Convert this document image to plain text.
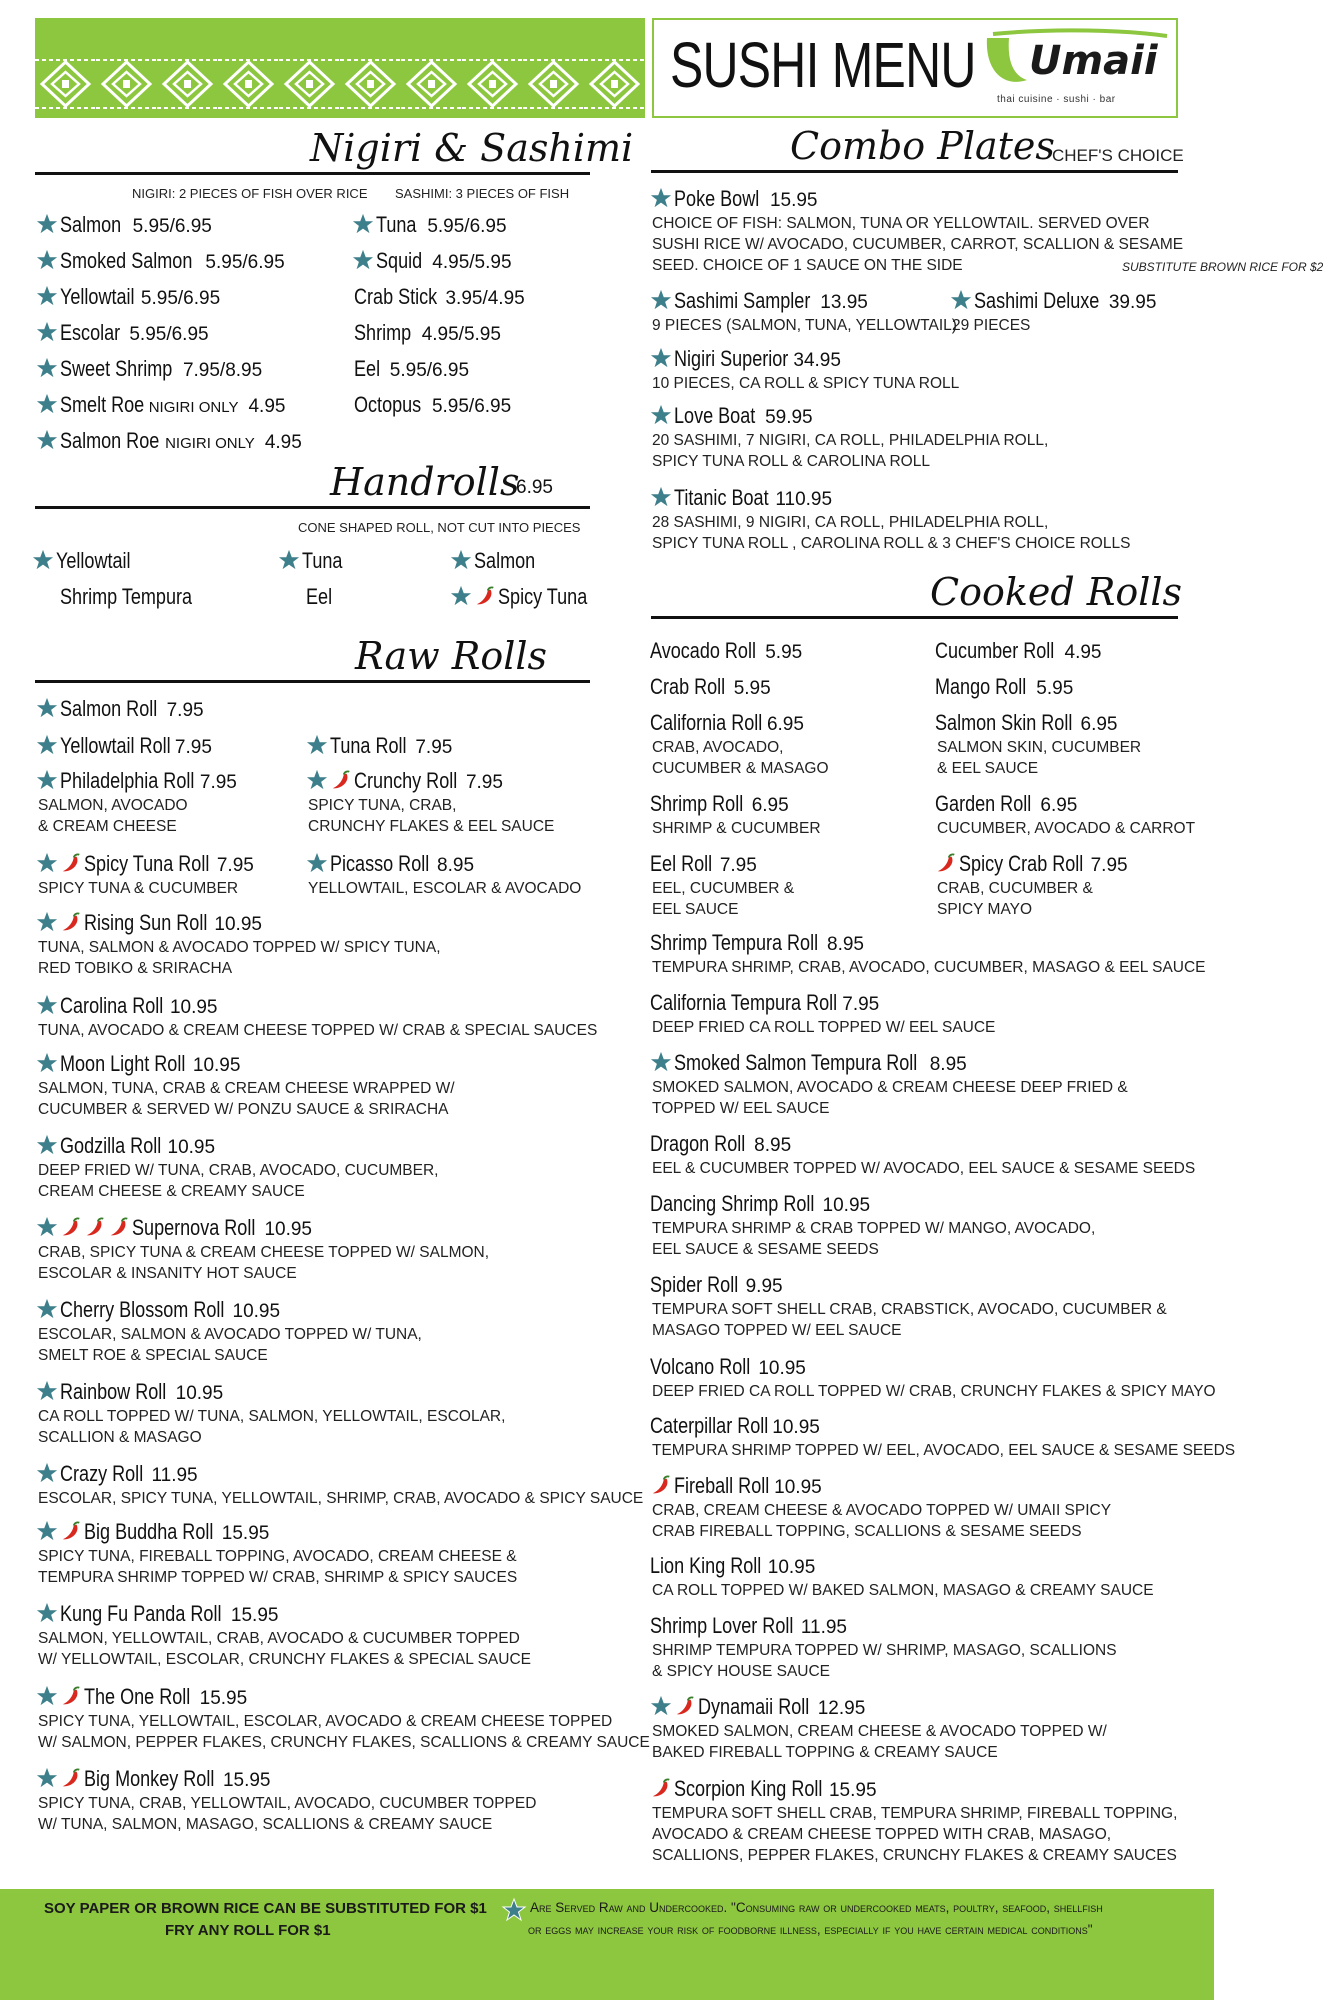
SUSHI MENU Umaii
thai cuisine · sushi · bar
Nigiri & Sashimi
NIGIRI: 2 PIECES OF FISH OVER RICE SASHIMI: 3 PIECES OF FISH
Salmon 5.95/6.95
Smoked Salmon 5.95/6.95
Yellowtail 5.95/6.95
Escolar 5.95/6.95
Sweet Shrimp 7.95/8.95
Smelt Roe NIGIRI ONLY 4.95
Salmon Roe NIGIRI ONLY 4.95
Tuna 5.95/6.95
Squid 4.95/5.95
Crab Stick 3.95/4.95
Shrimp 4.95/5.95
Eel 5.95/6.95
Octopus 5.95/6.95
Handrolls
6.95
CONE SHAPED ROLL, NOT CUT INTO PIECES
Yellowtail	Tuna	Salmon
Shrimp Tempura	Eel	Spicy Tuna
Raw Rolls
Salmon Roll 7.95
Yellowtail Roll 7.95	Tuna Roll 7.95
Philadelphia Roll 7.95
SALMON, AVOCADO
& CREAM CHEESE
Crunchy Roll 7.95
SPICY TUNA, CRAB,
CRUNCHY FLAKES & EEL SAUCE
Spicy Tuna Roll 7.95
SPICY TUNA & CUCUMBER
Picasso Roll 8.95
YELLOWTAIL, ESCOLAR & AVOCADO
Rising Sun Roll 10.95
TUNA, SALMON & AVOCADO TOPPED W/ SPICY TUNA,
RED TOBIKO & SRIRACHA
Carolina Roll 10.95
TUNA, AVOCADO & CREAM CHEESE TOPPED W/ CRAB & SPECIAL SAUCES
Moon Light Roll 10.95
SALMON, TUNA, CRAB & CREAM CHEESE WRAPPED W/
CUCUMBER & SERVED W/ PONZU SAUCE & SRIRACHA
Godzilla Roll 10.95
DEEP FRIED W/ TUNA, CRAB, AVOCADO, CUCUMBER,
CREAM CHEESE & CREAMY SAUCE
Supernova Roll 10.95
CRAB, SPICY TUNA & CREAM CHEESE TOPPED W/ SALMON,
ESCOLAR & INSANITY HOT SAUCE
Cherry Blossom Roll 10.95
ESCOLAR, SALMON & AVOCADO TOPPED W/ TUNA,
SMELT ROE & SPECIAL SAUCE
Rainbow Roll 10.95
CA ROLL TOPPED W/ TUNA, SALMON, YELLOWTAIL, ESCOLAR,
SCALLION & MASAGO
Crazy Roll 11.95
ESCOLAR, SPICY TUNA, YELLOWTAIL, SHRIMP, CRAB, AVOCADO & SPICY SAUCE
Big Buddha Roll 15.95
SPICY TUNA, FIREBALL TOPPING, AVOCADO, CREAM CHEESE &
TEMPURA SHRIMP TOPPED W/ CRAB, SHRIMP & SPICY SAUCES
Kung Fu Panda Roll 15.95
SALMON, YELLOWTAIL, CRAB, AVOCADO & CUCUMBER TOPPED
W/ YELLOWTAIL, ESCOLAR, CRUNCHY FLAKES & SPECIAL SAUCE
The One Roll 15.95
SPICY TUNA, YELLOWTAIL, ESCOLAR, AVOCADO & CREAM CHEESE TOPPED
W/ SALMON, PEPPER FLAKES, CRUNCHY FLAKES, SCALLIONS & CREAMY SAUCE
Big Monkey Roll 15.95
SPICY TUNA, CRAB, YELLOWTAIL, AVOCADO, CUCUMBER TOPPED
W/ TUNA, SALMON, MASAGO, SCALLIONS & CREAMY SAUCE
Combo Plates
CHEF'S CHOICE
Poke Bowl 15.95
CHOICE OF FISH: SALMON, TUNA OR YELLOWTAIL. SERVED OVER
SUSHI RICE W/ AVOCADO, CUCUMBER, CARROT, SCALLION & SESAME
SEED. CHOICE OF 1 SAUCE ON THE SIDE	SUBSTITUTE BROWN RICE FOR $2
Sashimi Sampler 13.95
9 PIECES (SALMON, TUNA, YELLOWTAIL)
Sashimi Deluxe 39.95
29 PIECES
Nigiri Superior 34.95
10 PIECES, CA ROLL & SPICY TUNA ROLL
Love Boat 59.95
20 SASHIMI, 7 NIGIRI, CA ROLL, PHILADELPHIA ROLL,
SPICY TUNA ROLL & CAROLINA ROLL
Titanic Boat 110.95
28 SASHIMI, 9 NIGIRI, CA ROLL, PHILADELPHIA ROLL,
SPICY TUNA ROLL , CAROLINA ROLL & 3 CHEF'S CHOICE ROLLS
Cooked Rolls
Avocado Roll 5.95	Cucumber Roll 4.95
Crab Roll 5.95	Mango Roll 5.95
California Roll 6.95
CRAB, AVOCADO,
CUCUMBER & MASAGO
Salmon Skin Roll 6.95
SALMON SKIN, CUCUMBER
& EEL SAUCE
Shrimp Roll 6.95
SHRIMP & CUCUMBER
Garden Roll 6.95
CUCUMBER, AVOCADO & CARROT
Eel Roll 7.95
EEL, CUCUMBER &
EEL SAUCE
Spicy Crab Roll 7.95
CRAB, CUCUMBER &
SPICY MAYO
Shrimp Tempura Roll 8.95
TEMPURA SHRIMP, CRAB, AVOCADO, CUCUMBER, MASAGO & EEL SAUCE
California Tempura Roll 7.95
DEEP FRIED CA ROLL TOPPED W/ EEL SAUCE
Smoked Salmon Tempura Roll 8.95
SMOKED SALMON, AVOCADO & CREAM CHEESE DEEP FRIED &
TOPPED W/ EEL SAUCE
Dragon Roll 8.95
EEL & CUCUMBER TOPPED W/ AVOCADO, EEL SAUCE & SESAME SEEDS
Dancing Shrimp Roll 10.95
TEMPURA SHRIMP & CRAB TOPPED W/ MANGO, AVOCADO,
EEL SAUCE & SESAME SEEDS
Spider Roll 9.95
TEMPURA SOFT SHELL CRAB, CRABSTICK, AVOCADO, CUCUMBER &
MASAGO TOPPED W/ EEL SAUCE
Volcano Roll 10.95
DEEP FRIED CA ROLL TOPPED W/ CRAB, CRUNCHY FLAKES & SPICY MAYO
Caterpillar Roll 10.95
TEMPURA SHRIMP TOPPED W/ EEL, AVOCADO, EEL SAUCE & SESAME SEEDS
Fireball Roll 10.95
CRAB, CREAM CHEESE & AVOCADO TOPPED W/ UMAII SPICY
CRAB FIREBALL TOPPING, SCALLIONS & SESAME SEEDS
Lion King Roll 10.95
CA ROLL TOPPED W/ BAKED SALMON, MASAGO & CREAMY SAUCE
Shrimp Lover Roll 11.95
SHRIMP TEMPURA TOPPED W/ SHRIMP, MASAGO, SCALLIONS
& SPICY HOUSE SAUCE
Dynamaii Roll 12.95
SMOKED SALMON, CREAM CHEESE & AVOCADO TOPPED W/
BAKED FIREBALL TOPPING & CREAMY SAUCE
Scorpion King Roll 15.95
TEMPURA SOFT SHELL CRAB, TEMPURA SHRIMP, FIREBALL TOPPING,
AVOCADO & CREAM CHEESE TOPPED WITH CRAB, MASAGO,
SCALLIONS, PEPPER FLAKES, CRUNCHY FLAKES & CREAMY SAUCES
SOY PAPER OR BROWN RICE CAN BE SUBSTITUTED FOR $1
FRY ANY ROLL FOR $1
Are Served Raw and Undercooked. "Consuming raw or undercooked meats, poultry, seafood, shellfish
or eggs may increase your risk of foodborne illness, especially if you have certain medical conditions"
